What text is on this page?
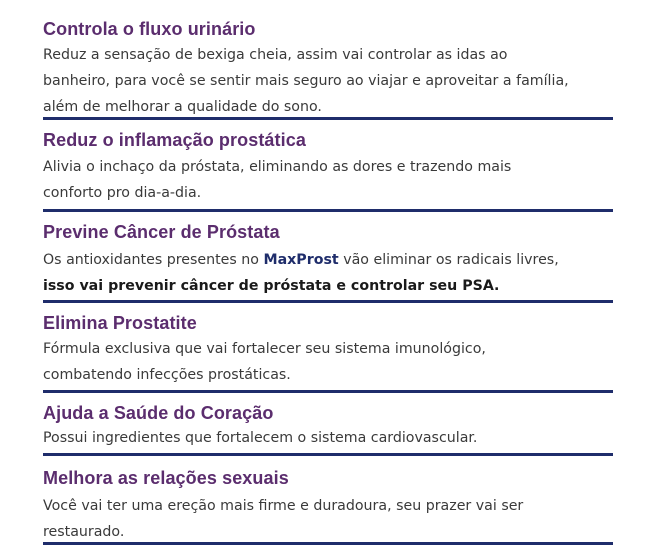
Controla o fluxo urinário

Reduz a sensação de bexiga cheia, assim vai controlar as idas ao
banheiro, para você se sentir mais seguro ao viajar e aproveitar a família,
além de melhorar a qualidade do sono.

Reduz o inflamação prostática

Alivia o inchaço da próstata, eliminando as dores e trazendo mais
conforto pro dia-a-dia.

Previne Câncer de Próstata

Os antioxidantes presentes no MaxProst vão eliminar os radicais livres,
isso vai prevenir câncer de próstata e controlar seu PSA.

Elimina Prostatite

Fórmula exclusiva que vai fortalecer seu sistema imunológico,
combatendo infecções prostáticas.

Ajuda a Saúde do Coração

Possui ingredientes que fortalecem o sistema cardiovascular.

Melhora as relações sexuais

Você vai ter uma ereção mais firme e duradoura, seu prazer vai ser
restaurado.
